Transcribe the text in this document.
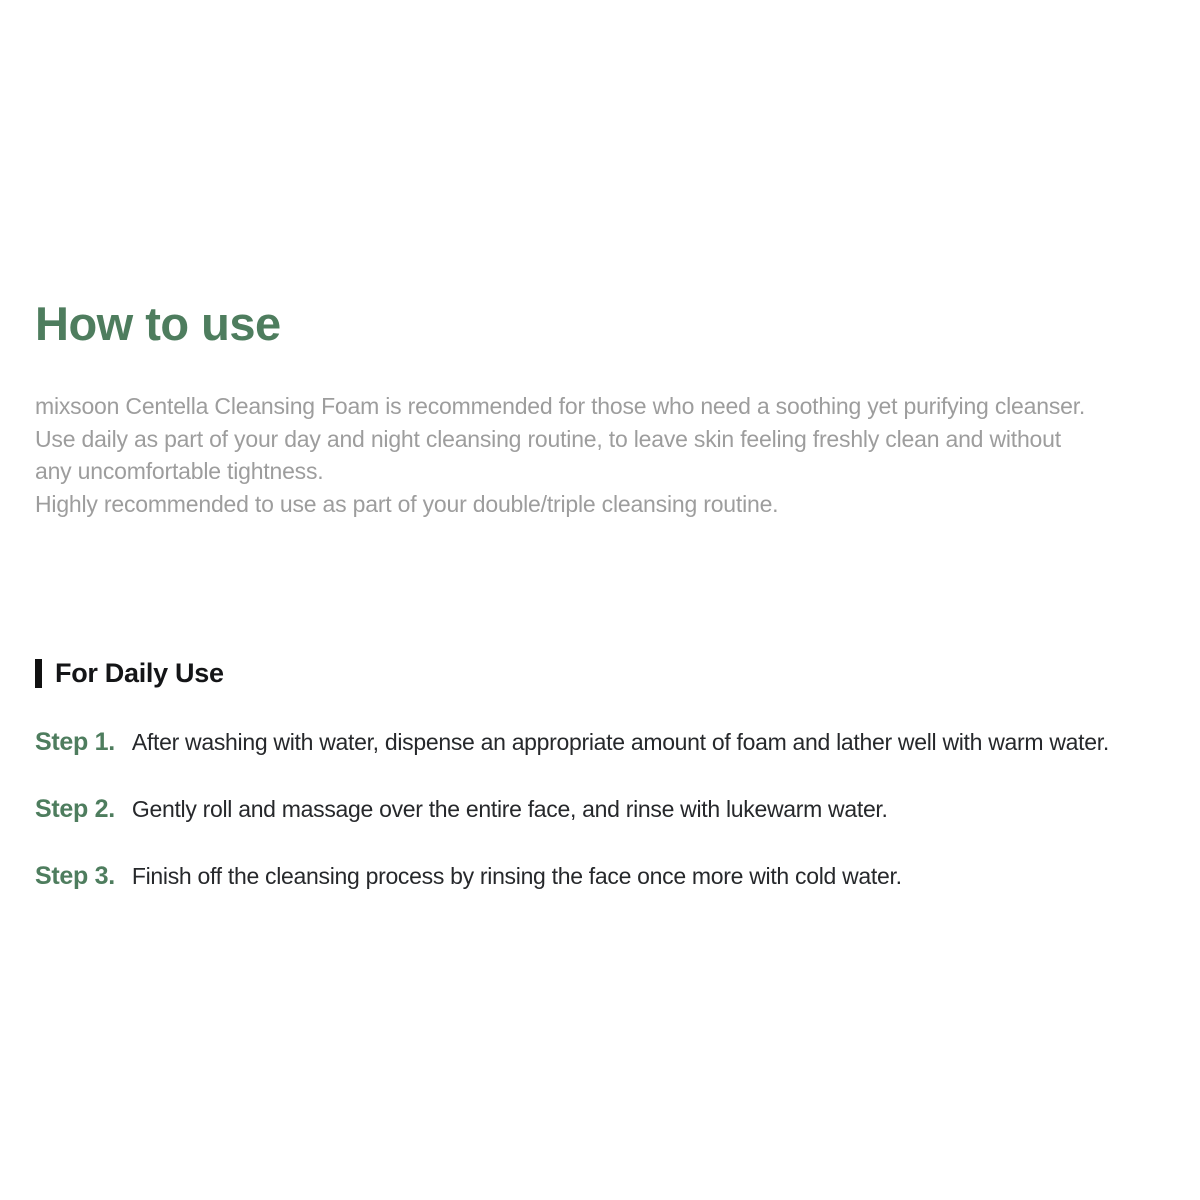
How to use
mixsoon Centella Cleansing Foam is recommended for those who need a soothing yet purifying cleanser.
Use daily as part of your day and night cleansing routine, to leave skin feeling freshly clean and without
any uncomfortable tightness.
Highly recommended to use as part of your double/triple cleansing routine.
For Daily Use
Step 1. After washing with water, dispense an appropriate amount of foam and lather well with warm water.
Step 2. Gently roll and massage over the entire face, and rinse with lukewarm water.
Step 3. Finish off the cleansing process by rinsing the face once more with cold water.
